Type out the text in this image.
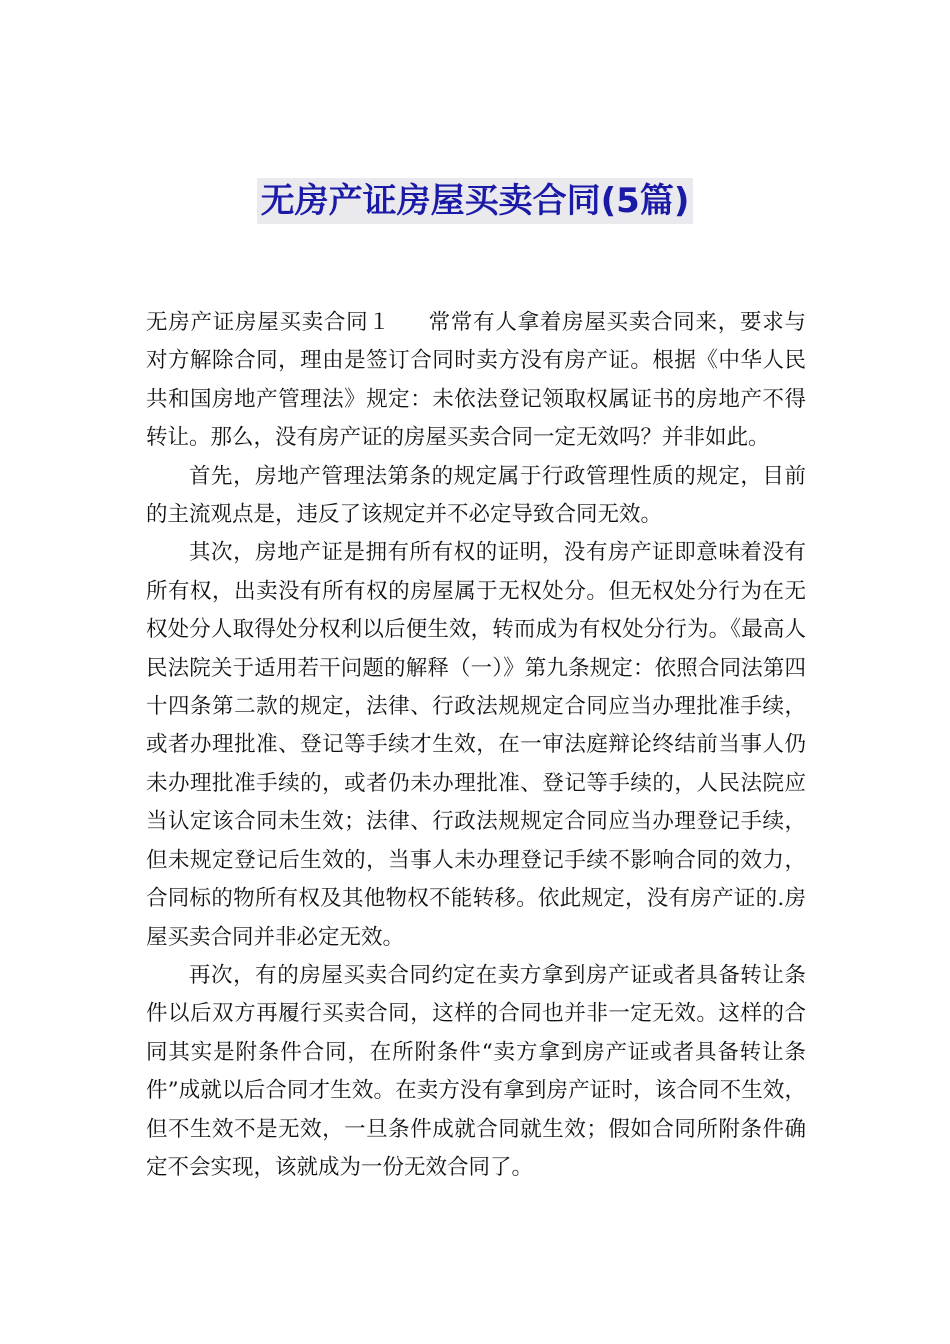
无房产证房屋买卖合同(5篇)

无房产证房屋买卖合同１ 常常有人拿着房屋买卖合同来，要求与对方解除合同，理由是签订合同时卖方没有房产证。根据《中华人民共和国房地产管理法》规定：未依法登记领取权属证书的房地产不得转让。那么，没有房产证的房屋买卖合同一定无效吗？并非如此。

首先，房地产管理法第条的规定属于行政管理性质的规定，目前的主流观点是，违反了该规定并不必定导致合同无效。

其次，房地产证是拥有所有权的证明，没有房产证即意味着没有所有权，出卖没有所有权的房屋属于无权处分。但无权处分行为在无权处分人取得处分权利以后便生效，转而成为有权处分行为。《最高人民法院关于适用若干问题的解释（一）》第九条规定：依照合同法第四十四条第二款的规定，法律、行政法规规定合同应当办理批准手续，或者办理批准、登记等手续才生效，在一审法庭辩论终结前当事人仍未办理批准手续的，或者仍未办理批准、登记等手续的，人民法院应当认定该合同未生效；法律、行政法规规定合同应当办理登记手续，但未规定登记后生效的，当事人未办理登记手续不影响合同的效力，合同标的物所有权及其他物权不能转移。依此规定，没有房产证的.房屋买卖合同并非必定无效。

再次，有的房屋买卖合同约定在卖方拿到房产证或者具备转让条件以后双方再履行买卖合同，这样的合同也并非一定无效。这样的合同其实是附条件合同，在所附条件“卖方拿到房产证或者具备转让条件”成就以后合同才生效。在卖方没有拿到房产证时，该合同不生效，但不生效不是无效，一旦条件成就合同就生效；假如合同所附条件确定不会实现，该就成为一份无效合同了。
